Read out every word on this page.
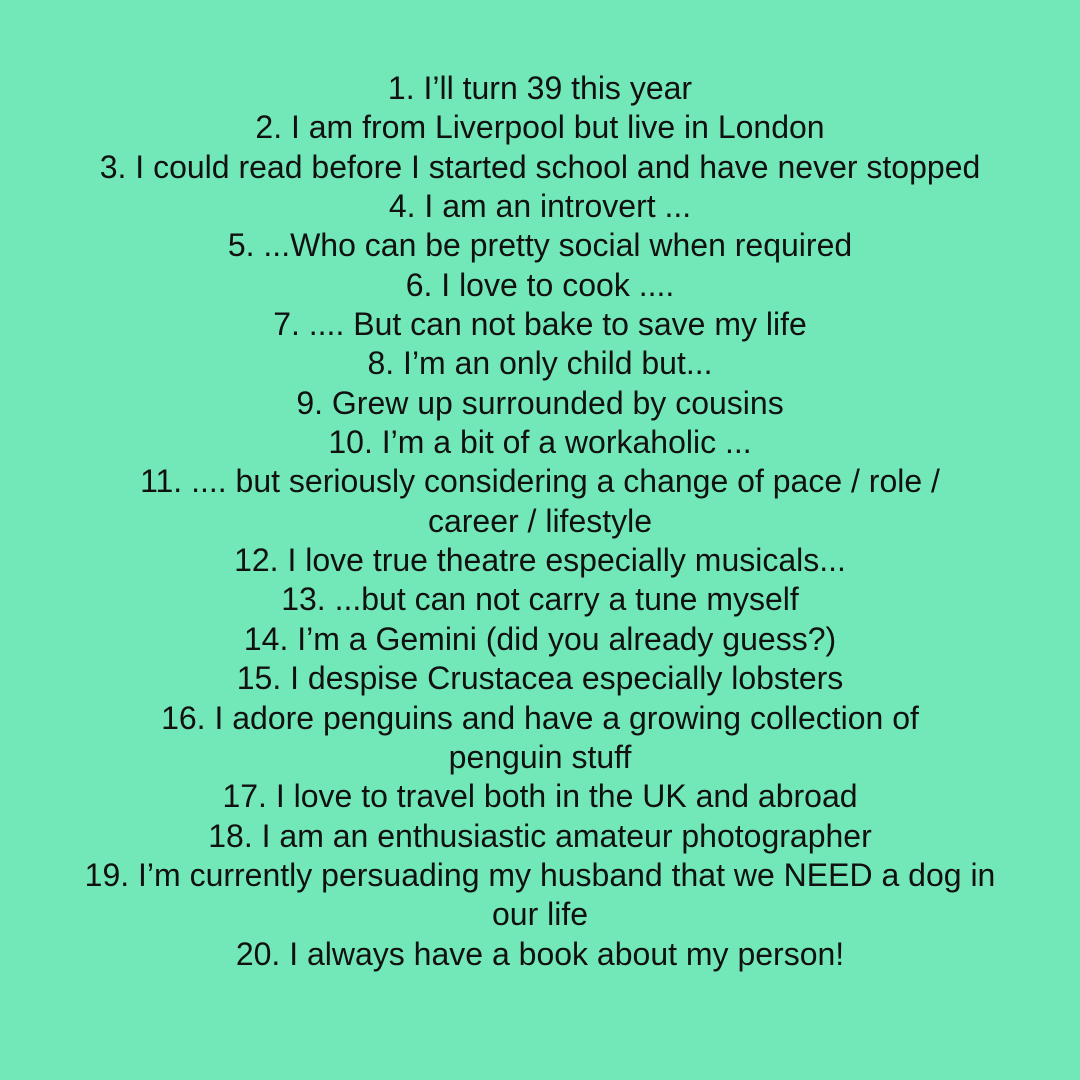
1. I’ll turn 39 this year
2. I am from Liverpool but live in London
3. I could read before I started school and have never stopped
4. I am an introvert ...
5. ...Who can be pretty social when required
6. I love to cook ....
7. .... But can not bake to save my life
8. I’m an only child but...
9. Grew up surrounded by cousins
10. I’m a bit of a workaholic ...
11. .... but seriously considering a change of pace / role /
career / lifestyle
12. I love true theatre especially musicals...
13. ...but can not carry a tune myself
14. I’m a Gemini (did you already guess?)
15. I despise Crustacea especially lobsters
16. I adore penguins and have a growing collection of
penguin stuff
17. I love to travel both in the UK and abroad
18. I am an enthusiastic amateur photographer
19. I’m currently persuading my husband that we NEED a dog in
our life
20. I always have a book about my person!
